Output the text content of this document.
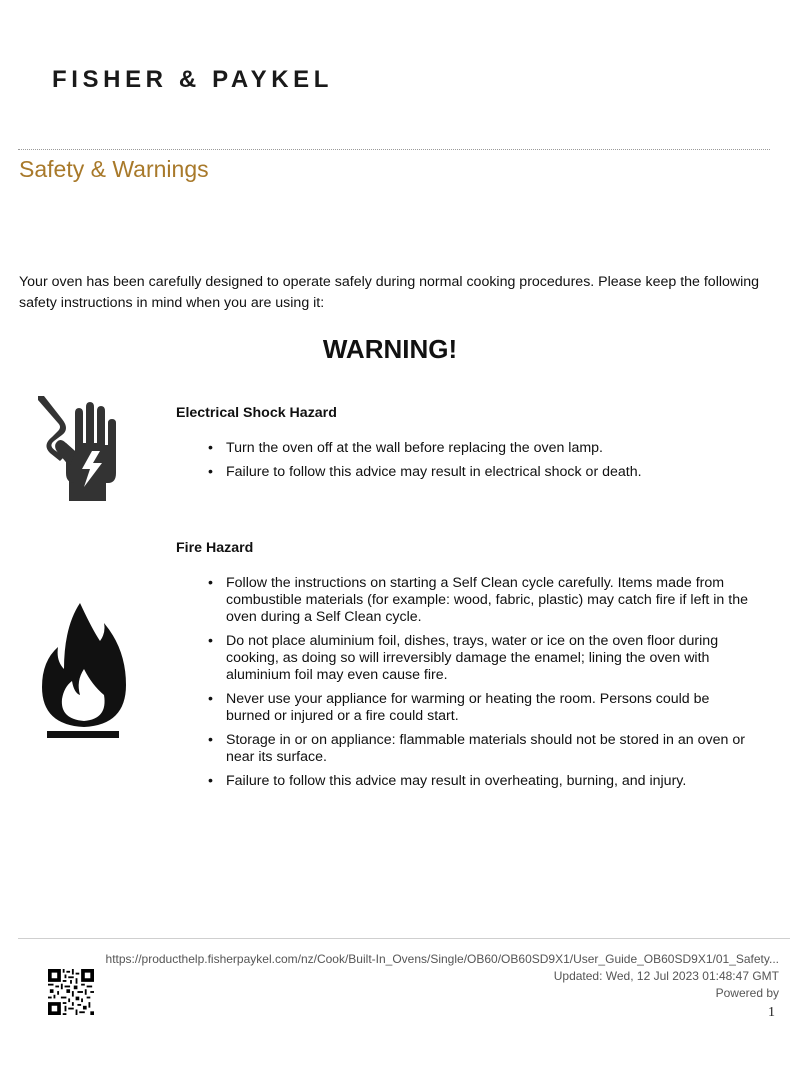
FISHER & PAYKEL
Safety & Warnings
Your oven has been carefully designed to operate safely during normal cooking procedures. Please keep the following safety instructions in mind when you are using it:
WARNING!
Electrical Shock Hazard
• Turn the oven off at the wall before replacing the oven lamp.
• Failure to follow this advice may result in electrical shock or death.
Fire Hazard
• Follow the instructions on starting a Self Clean cycle carefully. Items made from combustible materials (for example: wood, fabric, plastic) may catch fire if left in the oven during a Self Clean cycle.
• Do not place aluminium foil, dishes, trays, water or ice on the oven floor during cooking, as doing so will irreversibly damage the enamel; lining the oven with aluminium foil may even cause fire.
• Never use your appliance for warming or heating the room. Persons could be burned or injured or a fire could start.
• Storage in or on appliance: flammable materials should not be stored in an oven or near its surface.
• Failure to follow this advice may result in overheating, burning, and injury.
https://producthelp.fisherpaykel.com/nz/Cook/Built-In_Ovens/Single/OB60/OB60SD9X1/User_Guide_OB60SD9X1/01_Safety...
Updated: Wed, 12 Jul 2023 01:48:47 GMT
Powered by
1
